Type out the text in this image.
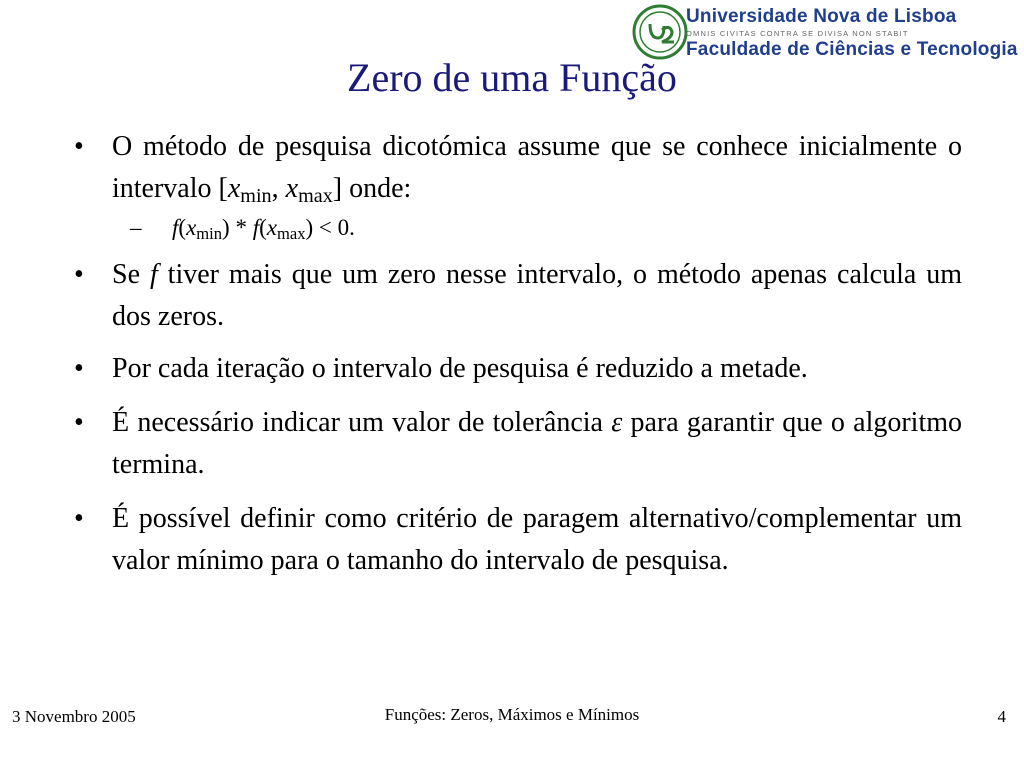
Universidade Nova de Lisboa
OMNIS CIVITAS CONTRA SE DIVISA NON STABIT
Faculdade de Ciências e Tecnologia
Zero de uma Função
• O método de pesquisa dicotómica assume que se conhece inicialmente o intervalo [$x_{min}$, $x_{max}$] onde:
– $f(x_{min}) * f(x_{max}) < 0$.
• Se f tiver mais que um zero nesse intervalo, o método apenas calcula um dos zeros.
• Por cada iteração o intervalo de pesquisa é reduzido a metade.
• É necessário indicar um valor de tolerância ε para garantir que o algoritmo termina.
• É possível definir como critério de paragem alternativo/complementar um valor mínimo para o tamanho do intervalo de pesquisa.
3 Novembro 2005	Funções: Zeros, Máximos e Mínimos	4
